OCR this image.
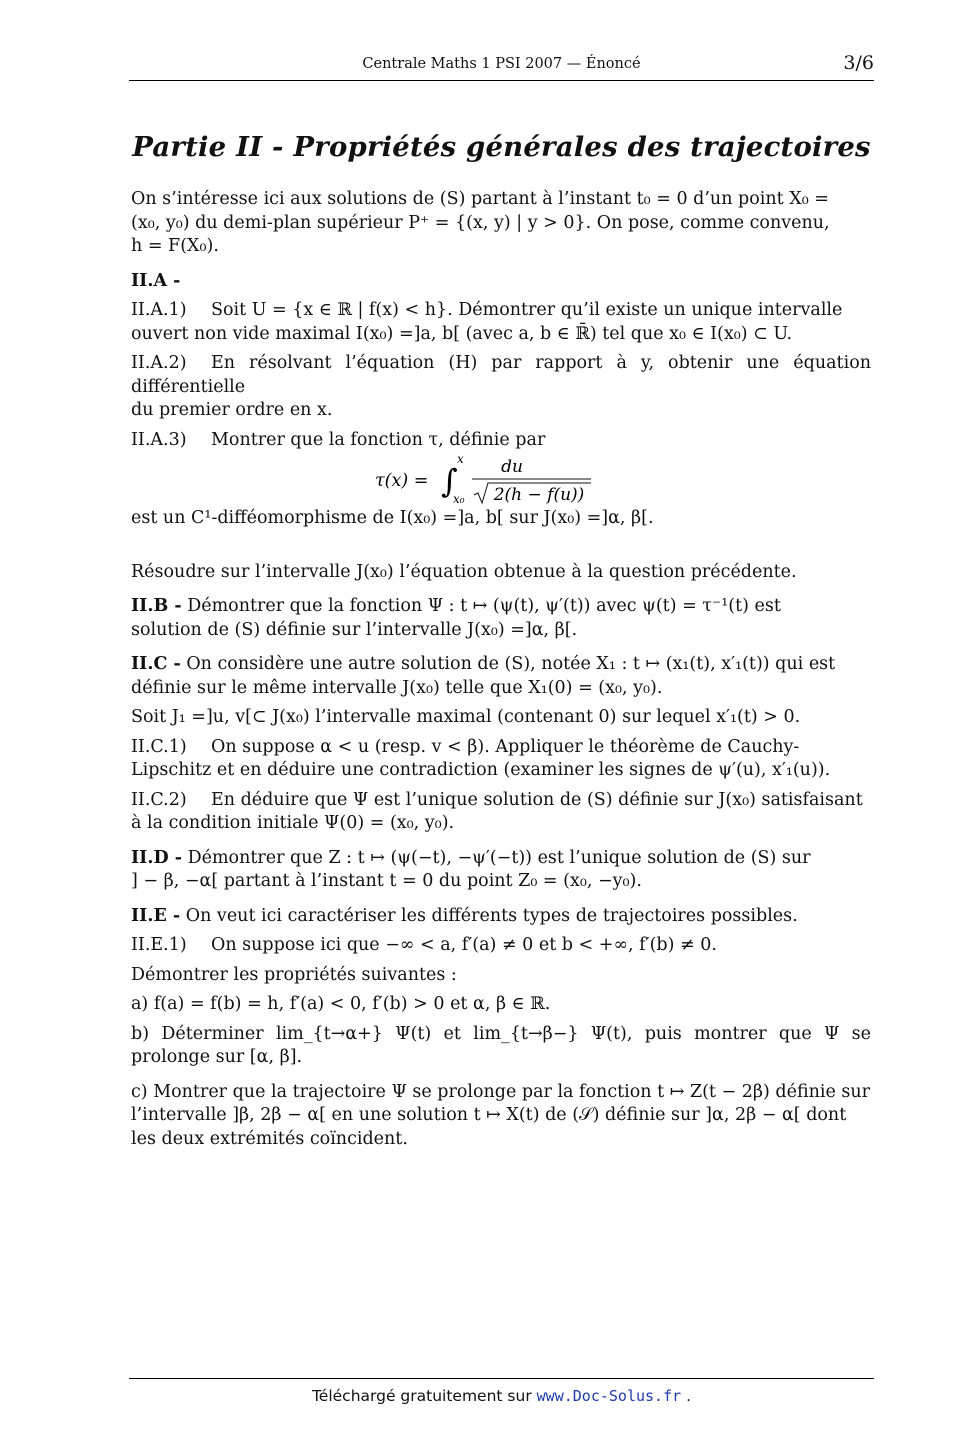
Centrale Maths 1 PSI 2007 — Énoncé	3/6
Partie II - Propriétés générales des trajectoires

On s’intéresse ici aux solutions de (S) partant à l’instant t₀ = 0 d’un point X₀ =

(x₀, y₀) du demi-plan supérieur P⁺ = {(x, y) | y > 0}. On pose, comme convenu,

h = F(X₀).

II.A -

II.A.1) Soit U = {x ∈ ℝ | f(x) < h}. Démontrer qu’il existe un unique intervalle

ouvert non vide maximal I(x₀) =]a, b[ (avec a, b ∈ ℝ̄) tel que x₀ ∈ I(x₀) ⊂ U.

II.A.2) En résolvant l’équation (H) par rapport à y, obtenir une équation différentielle

du premier ordre en x.

II.A.3) Montrer que la fonction τ, définie par

τ(x) = ∫
x
x₀
du
2(h − f(u))

est un C¹-difféomorphisme de I(x₀) =]a, b[ sur J(x₀) =]α, β[.

Résoudre sur l’intervalle J(x₀) l’équation obtenue à la question précédente.

II.B - Démontrer que la fonction Ψ : t ↦ (ψ(t), ψ′(t)) avec ψ(t) = τ⁻¹(t) est

solution de (S) définie sur l’intervalle J(x₀) =]α, β[.

II.C - On considère une autre solution de (S), notée X₁ : t ↦ (x₁(t), x′₁(t)) qui est

définie sur le même intervalle J(x₀) telle que X₁(0) = (x₀, y₀).

Soit J₁ =]u, v[⊂ J(x₀) l’intervalle maximal (contenant 0) sur lequel x′₁(t) > 0.

II.C.1) On suppose α < u (resp. v < β). Appliquer le théorème de Cauchy-

Lipschitz et en déduire une contradiction (examiner les signes de ψ′(u), x′₁(u)).

II.C.2) En déduire que Ψ est l’unique solution de (S) définie sur J(x₀) satisfaisant

à la condition initiale Ψ(0) = (x₀, y₀).

II.D - Démontrer que Z : t ↦ (ψ(−t), −ψ′(−t)) est l’unique solution de (S) sur

] − β, −α[ partant à l’instant t = 0 du point Z₀ = (x₀, −y₀).

II.E - On veut ici caractériser les différents types de trajectoires possibles.

II.E.1) On suppose ici que −∞ < a, f′(a) ≠ 0 et b < +∞, f′(b) ≠ 0.

Démontrer les propriétés suivantes :

a) f(a) = f(b) = h, f′(a) < 0, f′(b) > 0 et α, β ∈ ℝ.

b) Déterminer lim_{t→α+} Ψ(t) et lim_{t→β−} Ψ(t), puis montrer que Ψ se prolonge sur [α, β].

c) Montrer que la trajectoire Ψ se prolonge par la fonction t ↦ Z(t − 2β) définie sur

l’intervalle ]β, 2β − α[ en une solution t ↦ X(t) de (𝒮) définie sur ]α, 2β − α[ dont

les deux extrémités coïncident.

Téléchargé gratuitement sur www.Doc-Solus.fr .
